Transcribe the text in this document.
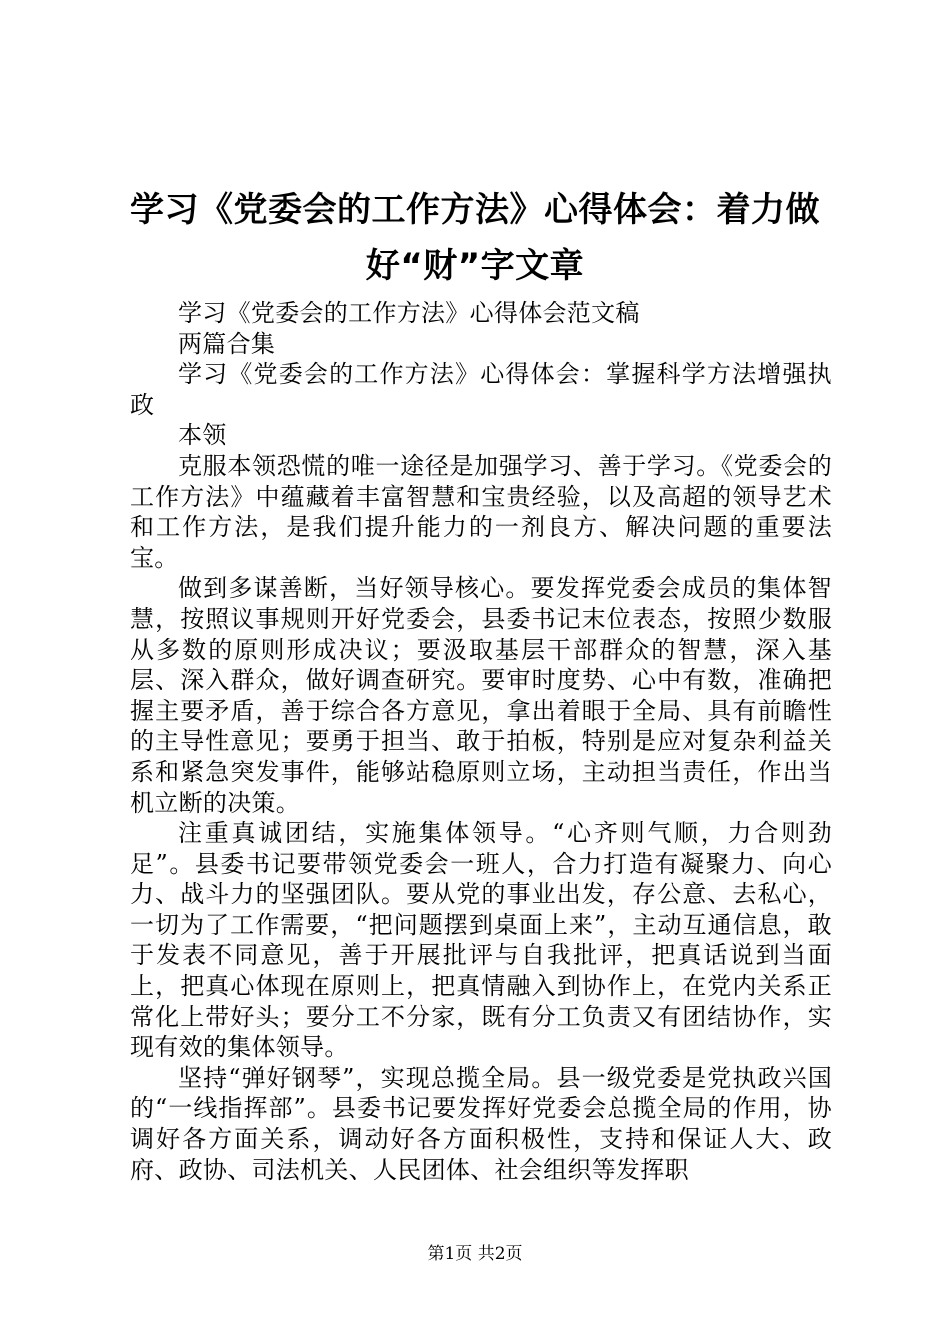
学习《党委会的工作方法》心得体会：着力做好“财”字文章

学习《党委会的工作方法》心得体会范文稿

两篇合集

学习《党委会的工作方法》心得体会：掌握科学方法增强执政

本领

克服本领恐慌的唯一途径是加强学习、善于学习。《党委会的工作方法》中蕴藏着丰富智慧和宝贵经验，以及高超的领导艺术和工作方法，是我们提升能力的一剂良方、解决问题的重要法宝。

做到多谋善断，当好领导核心。要发挥党委会成员的集体智慧，按照议事规则开好党委会，县委书记末位表态，按照少数服从多数的原则形成决议；要汲取基层干部群众的智慧，深入基层、深入群众，做好调查研究。要审时度势、心中有数，准确把握主要矛盾，善于综合各方意见，拿出着眼于全局、具有前瞻性的主导性意见；要勇于担当、敢于拍板，特别是应对复杂利益关系和紧急突发事件，能够站稳原则立场，主动担当责任，作出当机立断的决策。

注重真诚团结，实施集体领导。“心齐则气顺，力合则劲足”。县委书记要带领党委会一班人，合力打造有凝聚力、向心力、战斗力的坚强团队。要从党的事业出发，存公意、去私心，一切为了工作需要，“把问题摆到桌面上来”，主动互通信息，敢于发表不同意见，善于开展批评与自我批评，把真话说到当面上，把真心体现在原则上，把真情融入到协作上，在党内关系正常化上带好头；要分工不分家，既有分工负责又有团结协作，实现有效的集体领导。

坚持“弹好钢琴”，实现总揽全局。县一级党委是党执政兴国的“一线指挥部”。县委书记要发挥好党委会总揽全局的作用，协调好各方面关系，调动好各方面积极性，支持和保证人大、政府、政协、司法机关、人民团体、社会组织等发挥职

第1页 共2页
